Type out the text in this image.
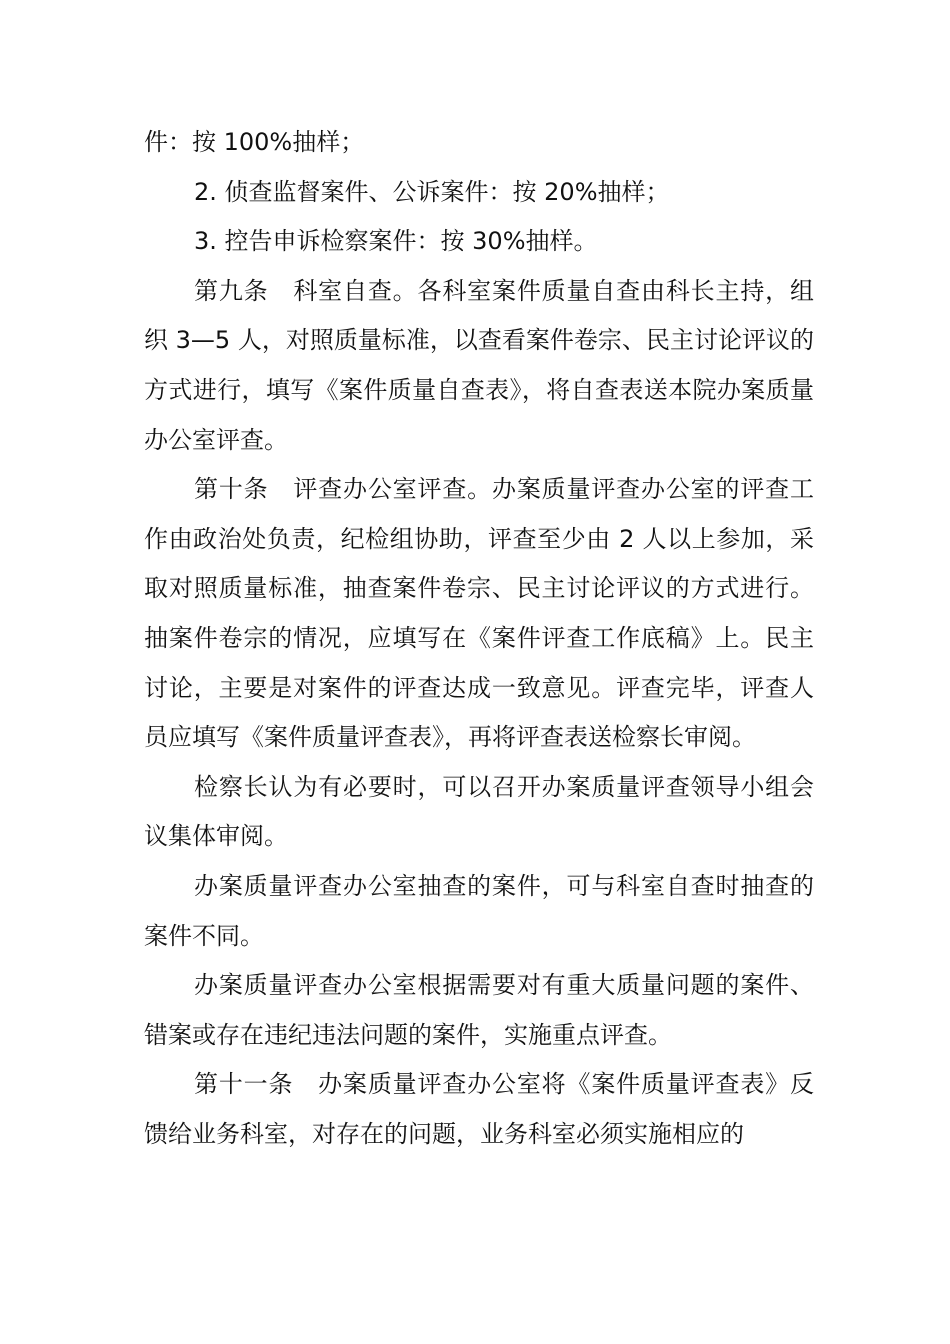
件：按 100%抽样；

2. 侦查监督案件、公诉案件：按 20%抽样；

3. 控告申诉检察案件：按 30%抽样。

第九条　科室自查。各科室案件质量自查由科长主持，组织 3—5 人，对照质量标准，以查看案件卷宗、民主讨论评议的方式进行，填写《案件质量自查表》，将自查表送本院办案质量办公室评查。

第十条　评查办公室评查。办案质量评查办公室的评查工作由政治处负责，纪检组协助，评查至少由 2 人以上参加，采取对照质量标准，抽查案件卷宗、民主讨论评议的方式进行。抽案件卷宗的情况，应填写在《案件评查工作底稿》上。民主讨论，主要是对案件的评查达成一致意见。评查完毕，评查人员应填写《案件质量评查表》，再将评查表送检察长审阅。

检察长认为有必要时，可以召开办案质量评查领导小组会议集体审阅。

办案质量评查办公室抽查的案件，可与科室自查时抽查的案件不同。

办案质量评查办公室根据需要对有重大质量问题的案件、错案或存在违纪违法问题的案件，实施重点评查。

第十一条　办案质量评查办公室将《案件质量评查表》反馈给业务科室，对存在的问题，业务科室必须实施相应的
